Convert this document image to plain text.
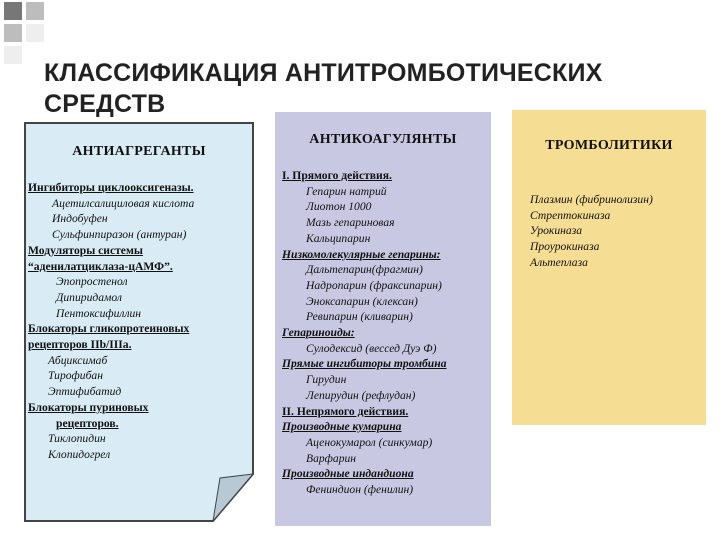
КЛАССИФИКАЦИЯ АНТИТРОМБОТИЧЕСКИХ СРЕДСТВ
АНТИАГРЕГАНТЫ
Ингибиторы циклооксигеназы.
Ацетилсалициловая кислота
Индобуфен
Сульфинпиразон (антуран)
Модуляторы системы
“аденилатциклаза-цАМФ”.
Эпопростенол
Дипиридамол
Пентоксифиллин
Блокаторы гликопротеиновых
рецепторов IIb/IIIa.
Абциксимаб
Тирофибан
Эптифибатид
Блокаторы пуриновых
рецепторов.
Тиклопидин
Клопидогрел
АНТИКОАГУЛЯНТЫ
I. Прямого действия.
Гепарин натрий
Лиотон 1000
Мазь гепариновая
Кальципарин
Низкомолекулярные гепарины:
Дальтепарин(фрагмин)
Надропарин (фраксипарин)
Эноксапарин (клексан)
Ревипарин (кливарин)
Гепариноиды:
Сулодексид (вессед Дуэ Ф)
Прямые ингибиторы тромбина
Гирудин
Лепирудин (рефлудан)
II. Непрямого действия.
Производные кумарина
Аценокумарол (синкумар)
Варфарин
Производные индандиона
Фениндион (фенилин)
ТРОМБОЛИТИКИ
Плазмин (фибринолизин)
Стрептокиназа
Урокиназа
Проурокиназа
Альтеплаза
